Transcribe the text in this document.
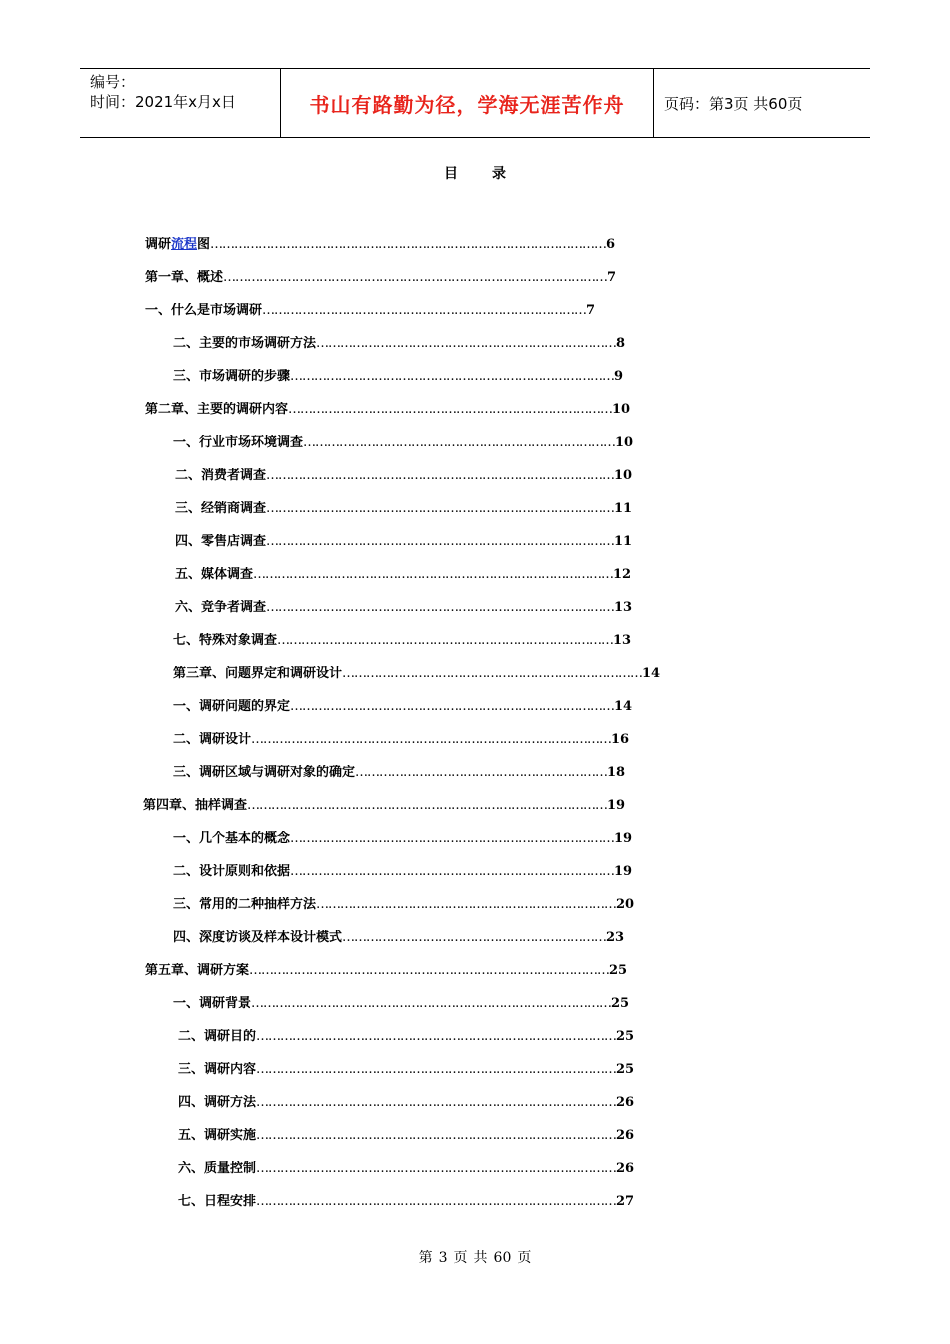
编号：
时间：2021年x月x日	书山有路勤为径，学海无涯苦作舟	页码：第3页 共60页
目 录
调研流程图………………………………………………………………………………………6
第一章、概述……………………………………………………………………………………7
一、什么是市场调研………………………………………………………………………7
二、主要的市场调研方法…………………………………………………………………8
三、市场调研的步骤………………………………………………………………………9
第二章、主要的调研内容………………………………………………………………………10
一、行业市场环境调查……………………………………………………………………10
二、消费者调查……………………………………………………………………………10
三、经销商调查……………………………………………………………………………11
四、零售店调查……………………………………………………………………………11
五、媒体调查………………………………………………………………………………12
六、竞争者调查……………………………………………………………………………13
七、特殊对象调查…………………………………………………………………………13
第三章、问题界定和调研设计…………………………………………………………………14
一、调研问题的界定………………………………………………………………………14
二、调研设计………………………………………………………………………………16
三、调研区域与调研对象的确定………………………………………………………18
第四章、抽样调查………………………………………………………………………………19
一、几个基本的概念………………………………………………………………………19
二、设计原则和依据………………………………………………………………………19
三、常用的二种抽样方法…………………………………………………………………20
四、深度访谈及样本设计模式…………………………………………………………23
第五章、调研方案………………………………………………………………………………25
一、调研背景………………………………………………………………………………25
二、调研目的………………………………………………………………………………25
三、调研内容………………………………………………………………………………25
四、调研方法………………………………………………………………………………26
五、调研实施………………………………………………………………………………26
六、质量控制………………………………………………………………………………26
七、日程安排………………………………………………………………………………27
第 3 页 共 60 页
